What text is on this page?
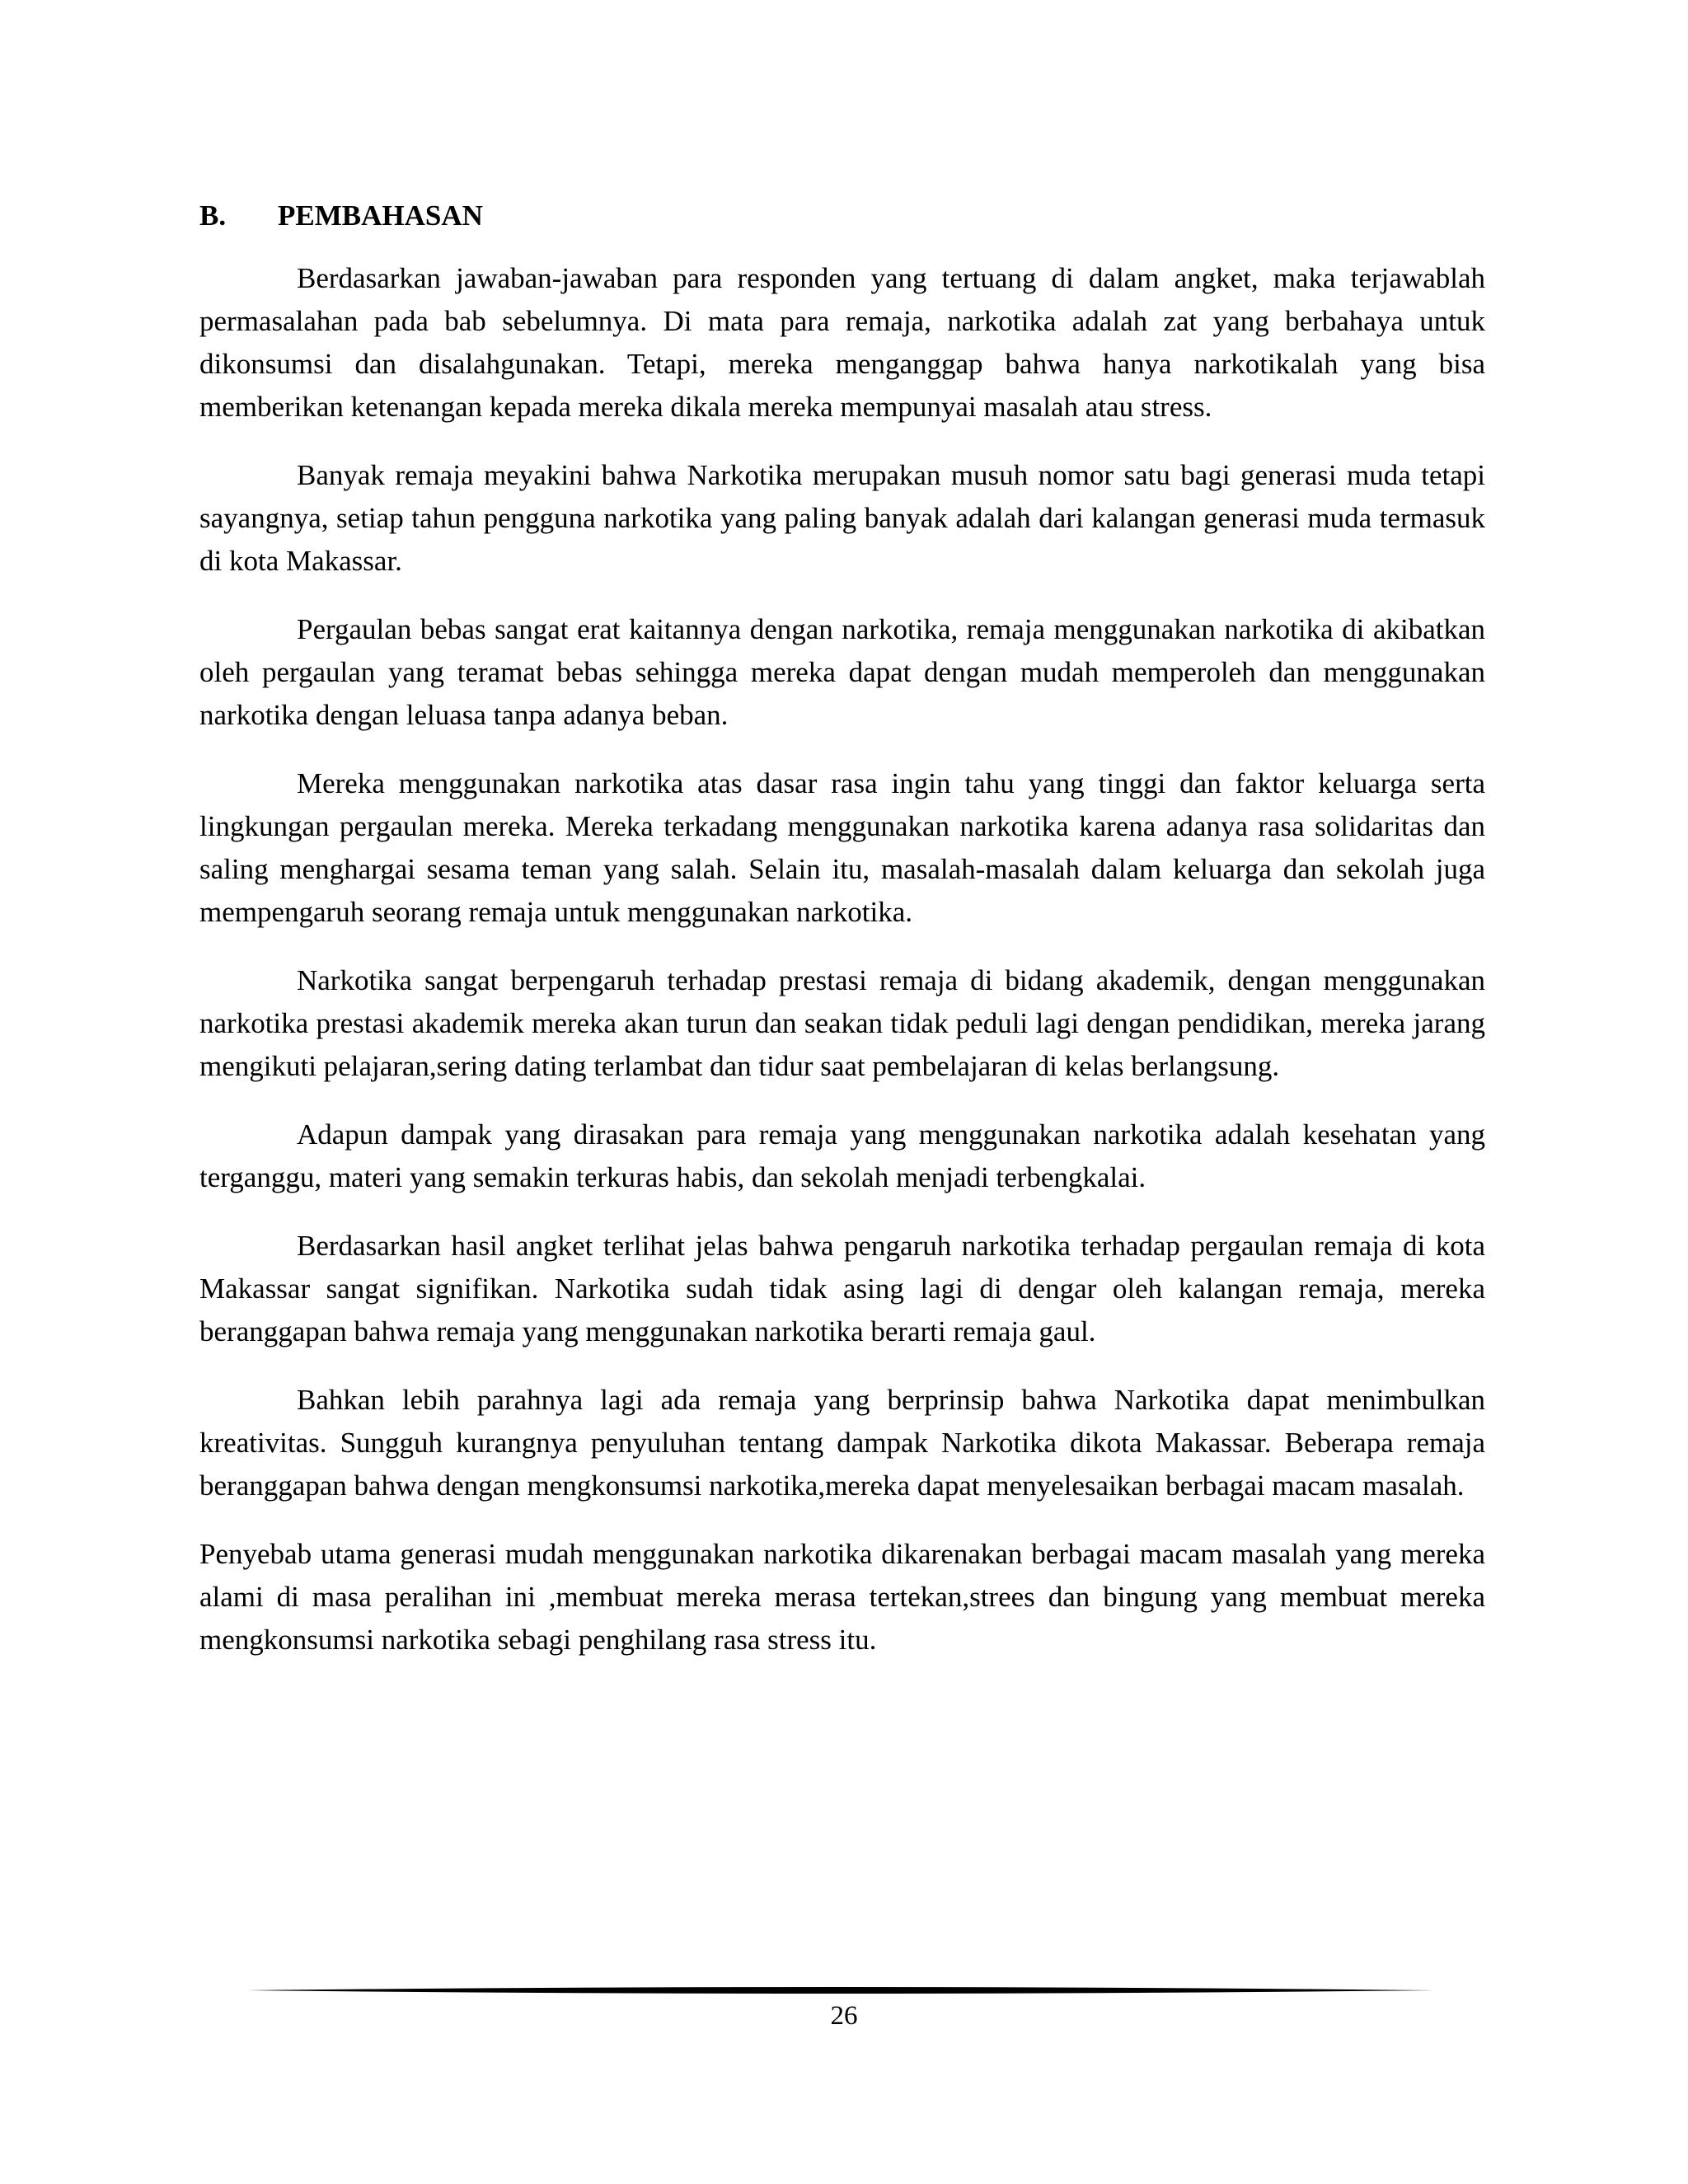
B.	PEMBAHASAN

Berdasarkan jawaban-jawaban para responden yang tertuang di dalam angket, maka terjawablah permasalahan pada bab sebelumnya. Di mata para remaja, narkotika adalah zat yang berbahaya untuk dikonsumsi dan disalahgunakan. Tetapi, mereka menganggap bahwa hanya narkotikalah yang bisa memberikan ketenangan kepada mereka dikala mereka mempunyai masalah atau stress.

Banyak remaja meyakini bahwa Narkotika merupakan musuh nomor satu bagi generasi muda tetapi sayangnya, setiap tahun pengguna narkotika yang paling banyak adalah dari kalangan generasi muda termasuk di kota Makassar.

Pergaulan bebas sangat erat kaitannya dengan narkotika, remaja menggunakan narkotika di akibatkan oleh pergaulan yang teramat bebas sehingga mereka dapat dengan mudah memperoleh dan menggunakan narkotika dengan leluasa tanpa adanya beban.

Mereka menggunakan narkotika atas dasar rasa ingin tahu yang tinggi dan faktor keluarga serta lingkungan pergaulan mereka. Mereka terkadang menggunakan narkotika karena adanya rasa solidaritas dan saling menghargai sesama teman yang salah. Selain itu, masalah-masalah dalam keluarga dan sekolah juga mempengaruh seorang remaja untuk menggunakan narkotika.

Narkotika sangat berpengaruh terhadap prestasi remaja di bidang akademik, dengan menggunakan narkotika prestasi akademik mereka akan turun dan seakan tidak peduli lagi dengan pendidikan, mereka jarang mengikuti pelajaran,sering dating terlambat dan tidur saat pembelajaran di kelas berlangsung.

Adapun dampak yang dirasakan para remaja yang menggunakan narkotika adalah kesehatan yang terganggu, materi yang semakin terkuras habis, dan sekolah menjadi terbengkalai.

Berdasarkan hasil angket terlihat jelas bahwa pengaruh narkotika terhadap pergaulan remaja di kota Makassar sangat signifikan. Narkotika sudah tidak asing lagi di dengar oleh kalangan remaja, mereka beranggapan bahwa remaja yang menggunakan narkotika berarti remaja gaul.

Bahkan lebih parahnya lagi ada remaja yang berprinsip bahwa Narkotika dapat menimbulkan kreativitas. Sungguh kurangnya penyuluhan tentang dampak Narkotika dikota Makassar. Beberapa remaja beranggapan bahwa dengan mengkonsumsi narkotika,mereka dapat menyelesaikan berbagai macam masalah.

Penyebab utama generasi mudah menggunakan narkotika dikarenakan berbagai macam masalah yang mereka alami di masa peralihan ini ,membuat mereka merasa tertekan,strees dan bingung yang membuat mereka mengkonsumsi narkotika sebagi penghilang rasa stress itu.

26
